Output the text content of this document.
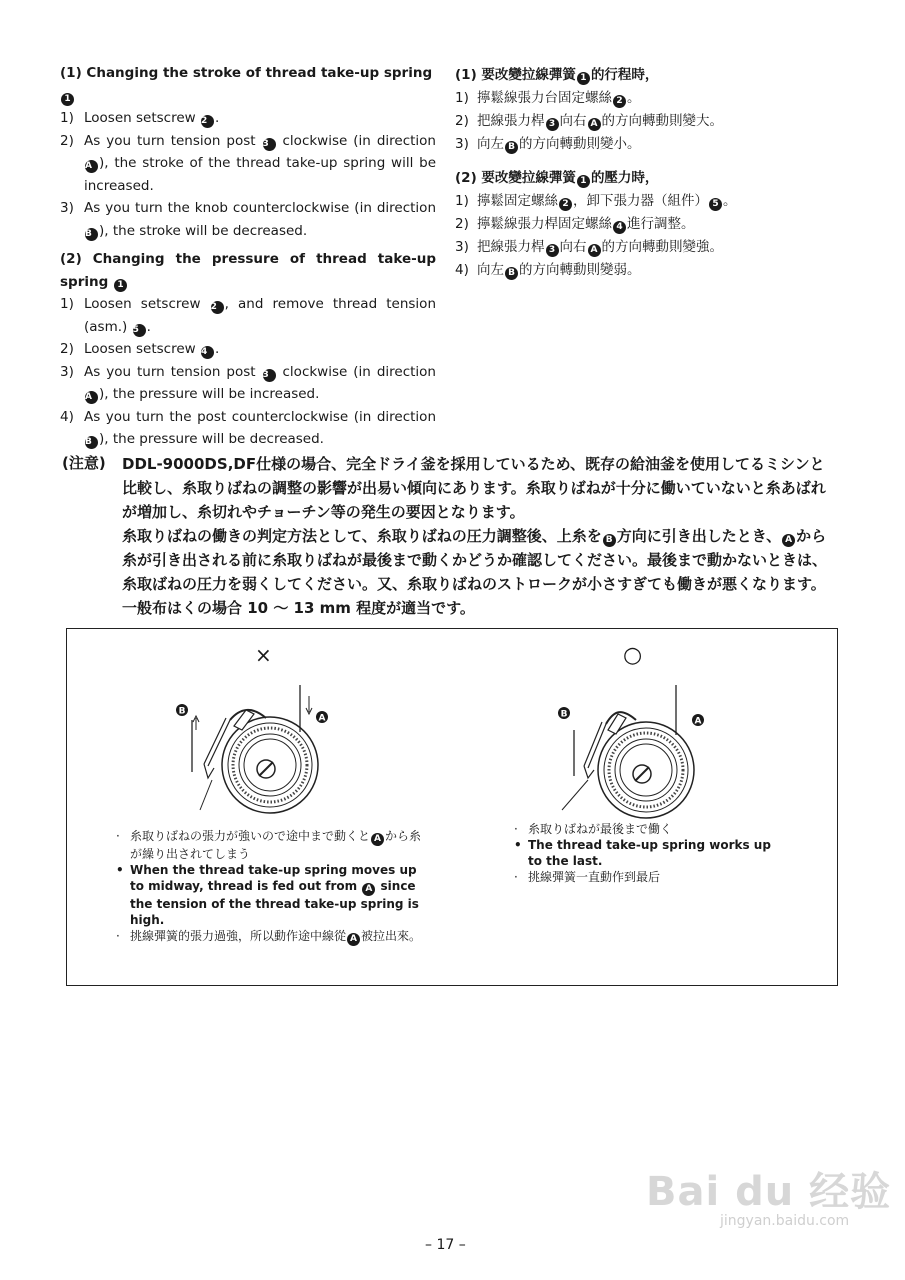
(1) Changing the stroke of thread take-up spring 1
1) Loosen setscrew 2 .
2) As you turn tension post 3 clockwise (in direction A ), the stroke of the thread take-up spring will be increased.
3) As you turn the knob counterclockwise (in direction B ), the stroke will be decreased.
(2) Changing the pressure of thread take-up spring 1
1) Loosen setscrew 2 , and remove thread tension (asm.) 5 .
2) Loosen setscrew 4 .
3) As you turn tension post 3 clockwise (in direction A ), the pressure will be increased.
4) As you turn the post counterclockwise (in direction B ), the pressure will be decreased.
(1) 要改變拉線彈簧 1 的行程時，
1) 擰鬆線張力台固定螺絲 2 。
2) 把線張力桿 3 向右 A 的方向轉動則變大。
3) 向左 B 的方向轉動則變小。
(2) 要改變拉線彈簧 1 的壓力時，
1) 擰鬆固定螺絲 2 ，卸下張力器（組件） 5 。
2) 擰鬆線張力桿固定螺絲 4 進行調整。
3) 把線張力桿 3 向右 A 的方向轉動則變強。
4) 向左 B 的方向轉動則變弱。
(注意) DDL-9000DS,DF仕様の場合、完全ドライ釜を採用しているため、既存の給油釜を使用してるミシンと比較し、糸取りばねの調整の影響が出易い傾向にあります。糸取りばねが十分に働いていないと糸あばれが増加し、糸切れやチョーチン等の発生の要因となります。

糸取りばねの働きの判定方法として、糸取りばねの圧力調整後、上糸を B 方向に引き出したとき、 A から糸が引き出される前に糸取りばねが最後まで動くかどうか確認してください。最後まで動かないときは、糸取ばねの圧力を弱くしてください。又、糸取りばねのストロークが小さすぎても働きが悪くなります。一般布はくの場合 10 ～ 13 mm 程度が適当です。

×	○
B
A	B
A
· 糸取りばねの張力が強いので途中まで動くと A から糸が繰り出されてしまう
• When the thread take-up spring moves up to midway, thread is fed out from A since the tension of the thread take-up spring is high.
· 挑線彈簧的張力過強，所以動作途中線從 A 被拉出來。
· 糸取りばねが最後まで働く
• The thread take-up spring works up to the last.
· 挑線彈簧一直動作到最后
Bai du 经验
jingyan.baidu.com
– 17 –
